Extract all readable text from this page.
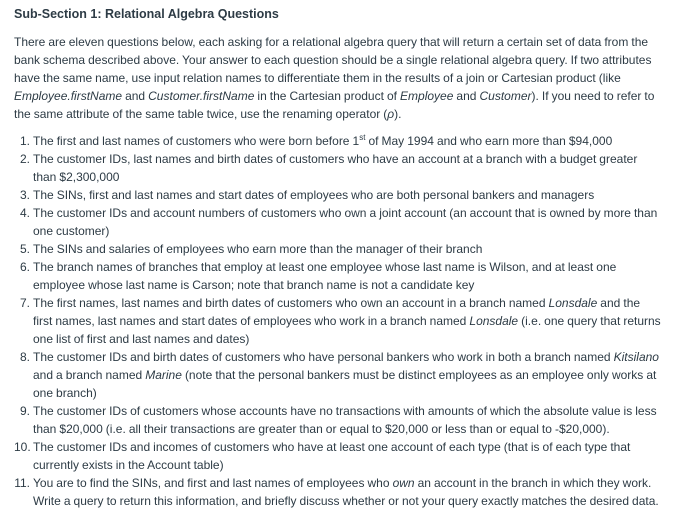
Sub-Section 1: Relational Algebra Questions

There are eleven questions below, each asking for a relational algebra query that will return a certain set of data from the bank schema described above. Your answer to each question should be a single relational algebra query. If two attributes have the same name, use input relation names to differentiate them in the results of a join or Cartesian product (like Employee.firstName and Customer.firstName in the Cartesian product of Employee and Customer). If you need to refer to the same attribute of the same table twice, use the renaming operator (ρ).

1. The first and last names of customers who were born before 1st of May 1994 and who earn more than $94,000
2. The customer IDs, last names and birth dates of customers who have an account at a branch with a budget greater than $2,300,000
3. The SINs, first and last names and start dates of employees who are both personal bankers and managers
4. The customer IDs and account numbers of customers who own a joint account (an account that is owned by more than one customer)
5. The SINs and salaries of employees who earn more than the manager of their branch
6. The branch names of branches that employ at least one employee whose last name is Wilson, and at least one employee whose last name is Carson; note that branch name is not a candidate key
7. The first names, last names and birth dates of customers who own an account in a branch named Lonsdale and the first names, last names and start dates of employees who work in a branch named Lonsdale (i.e. one query that returns one list of first and last names and dates)
8. The customer IDs and birth dates of customers who have personal bankers who work in both a branch named Kitsilano and a branch named Marine (note that the personal bankers must be distinct employees as an employee only works at one branch)
9. The customer IDs of customers whose accounts have no transactions with amounts of which the absolute value is less than $20,000 (i.e. all their transactions are greater than or equal to $20,000 or less than or equal to -$20,000).
10. The customer IDs and incomes of customers who have at least one account of each type (that is of each type that currently exists in the Account table)
11. You are to find the SINs, and first and last names of employees who own an account in the branch in which they work. Write a query to return this information, and briefly discuss whether or not your query exactly matches the desired data.
